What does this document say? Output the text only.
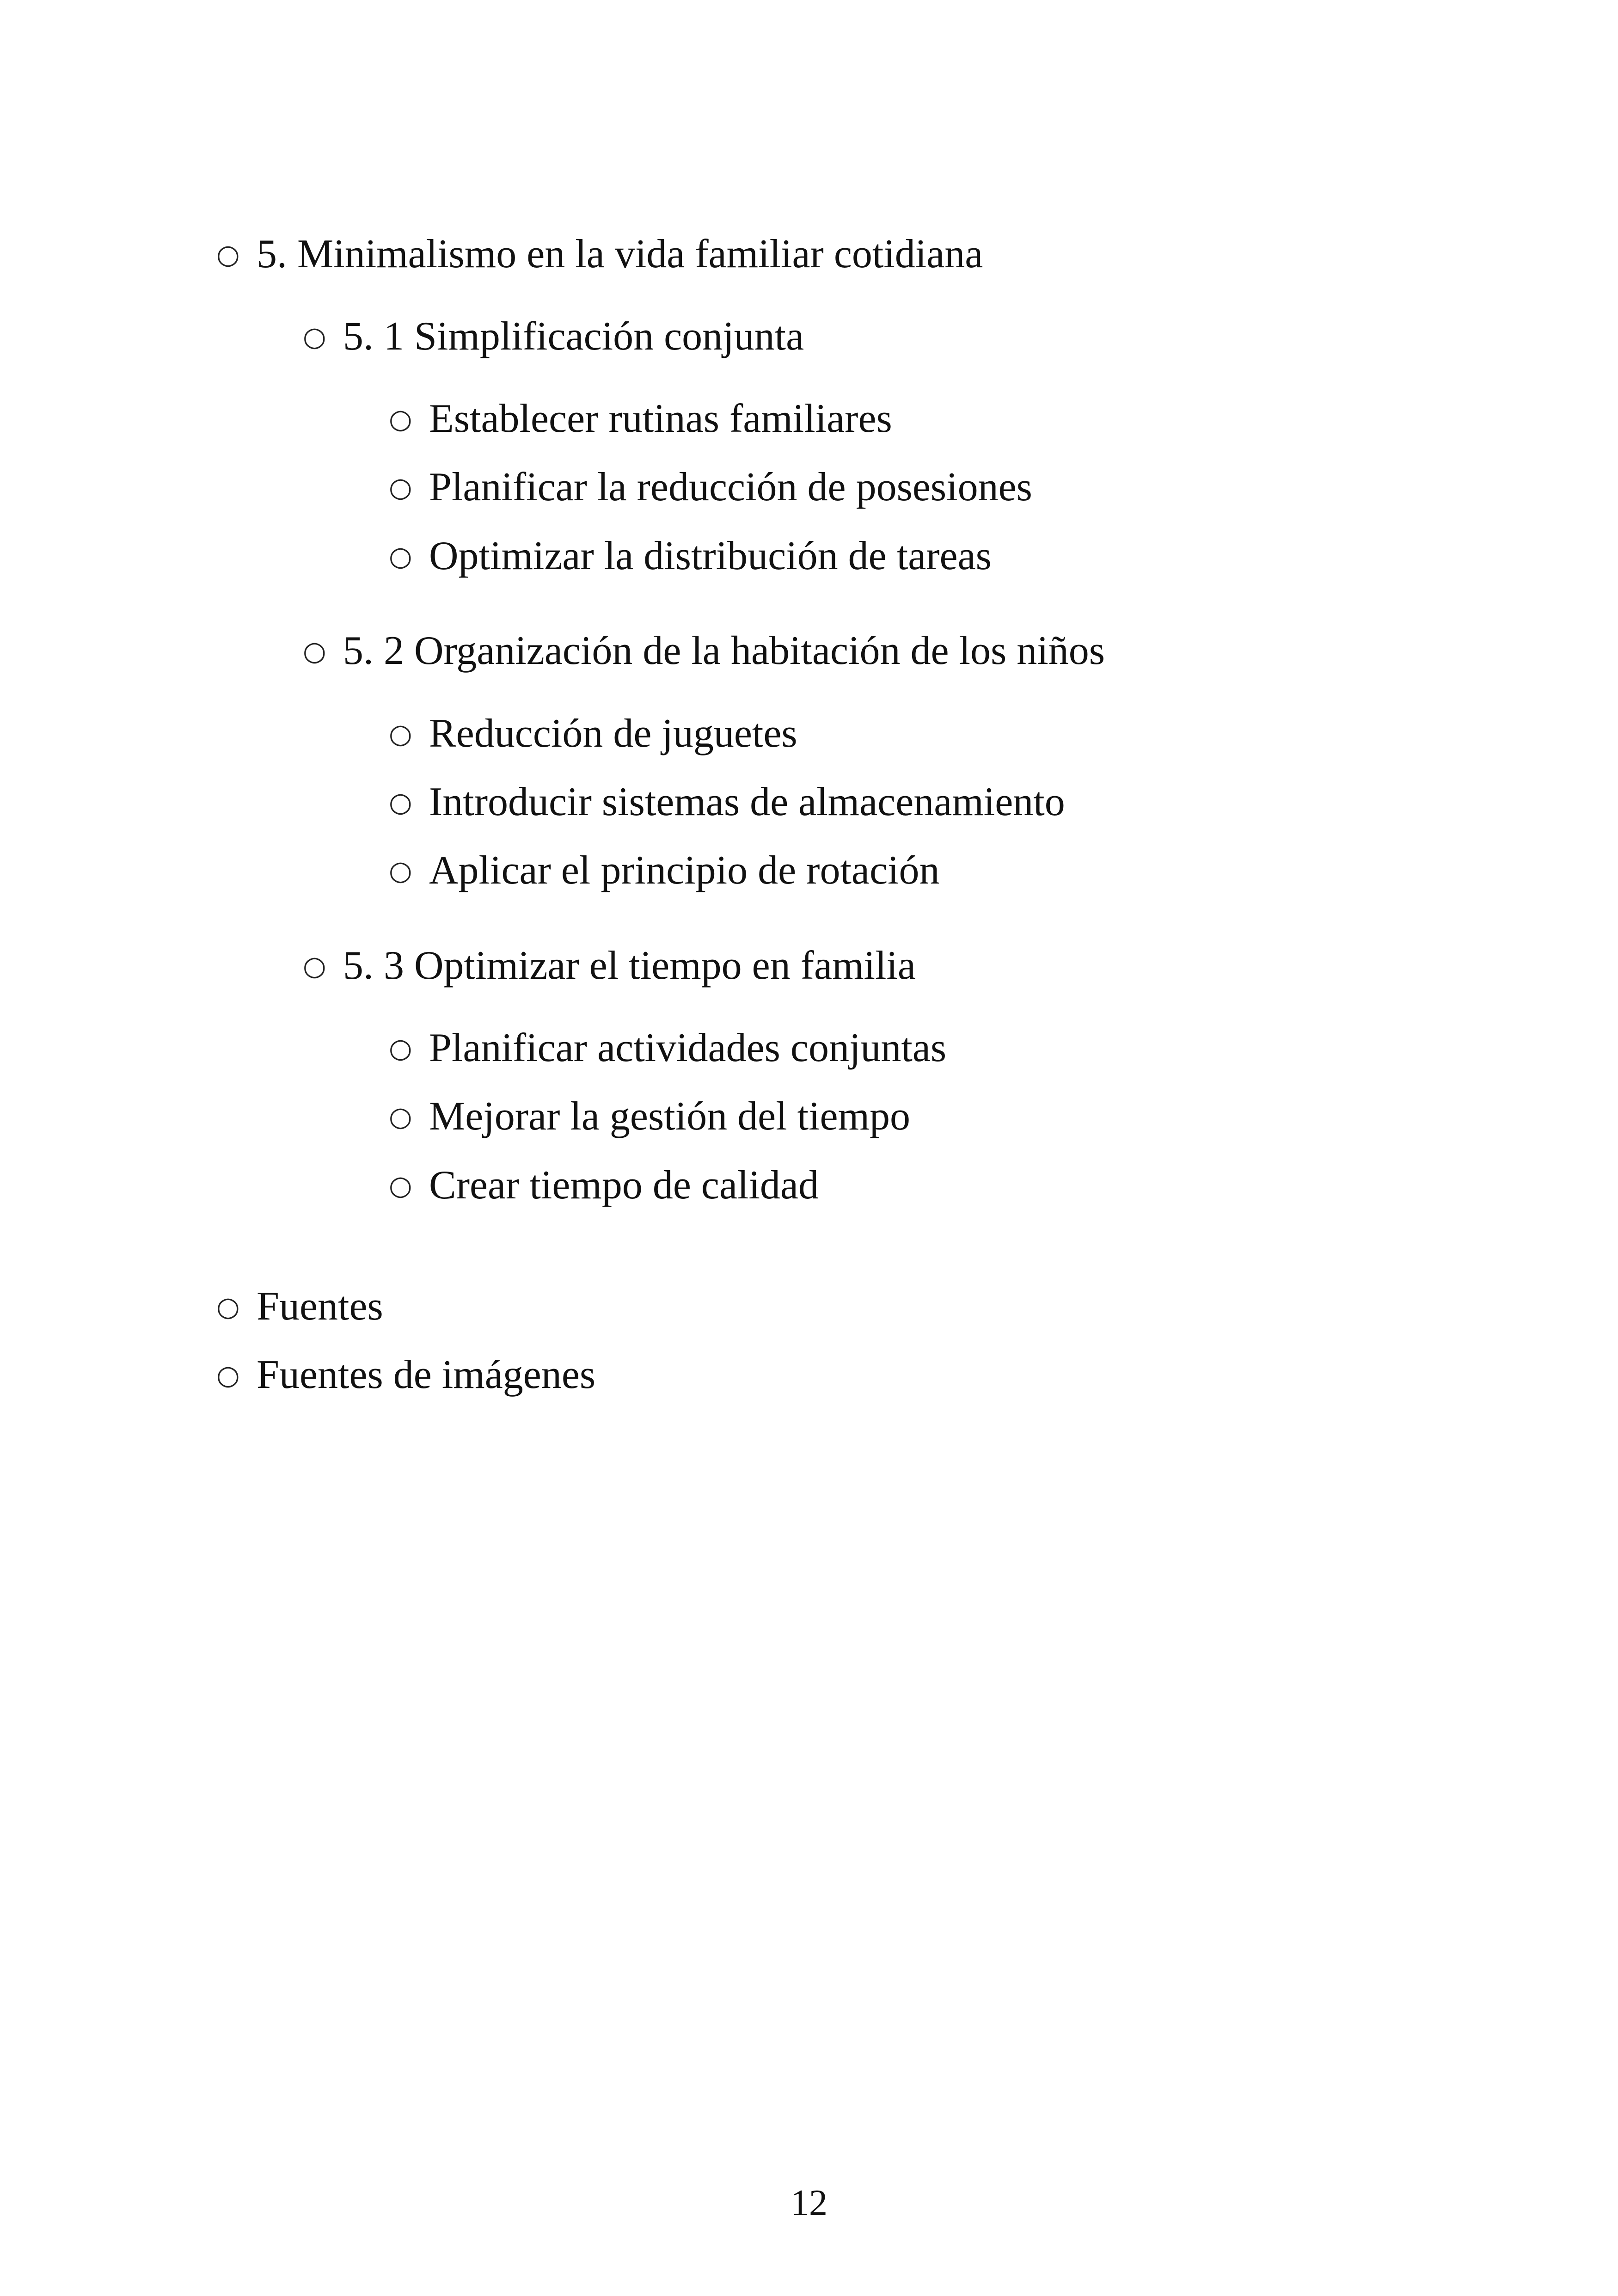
○ 5. Minimalismo en la vida familiar cotidiana
○ 5. 1 Simplificación conjunta
○ Establecer rutinas familiares
○ Planificar la reducción de posesiones
○ Optimizar la distribución de tareas
○ 5. 2 Organización de la habitación de los niños
○ Reducción de juguetes
○ Introducir sistemas de almacenamiento
○ Aplicar el principio de rotación
○ 5. 3 Optimizar el tiempo en familia
○ Planificar actividades conjuntas
○ Mejorar la gestión del tiempo
○ Crear tiempo de calidad
○ Fuentes
○ Fuentes de imágenes
12
